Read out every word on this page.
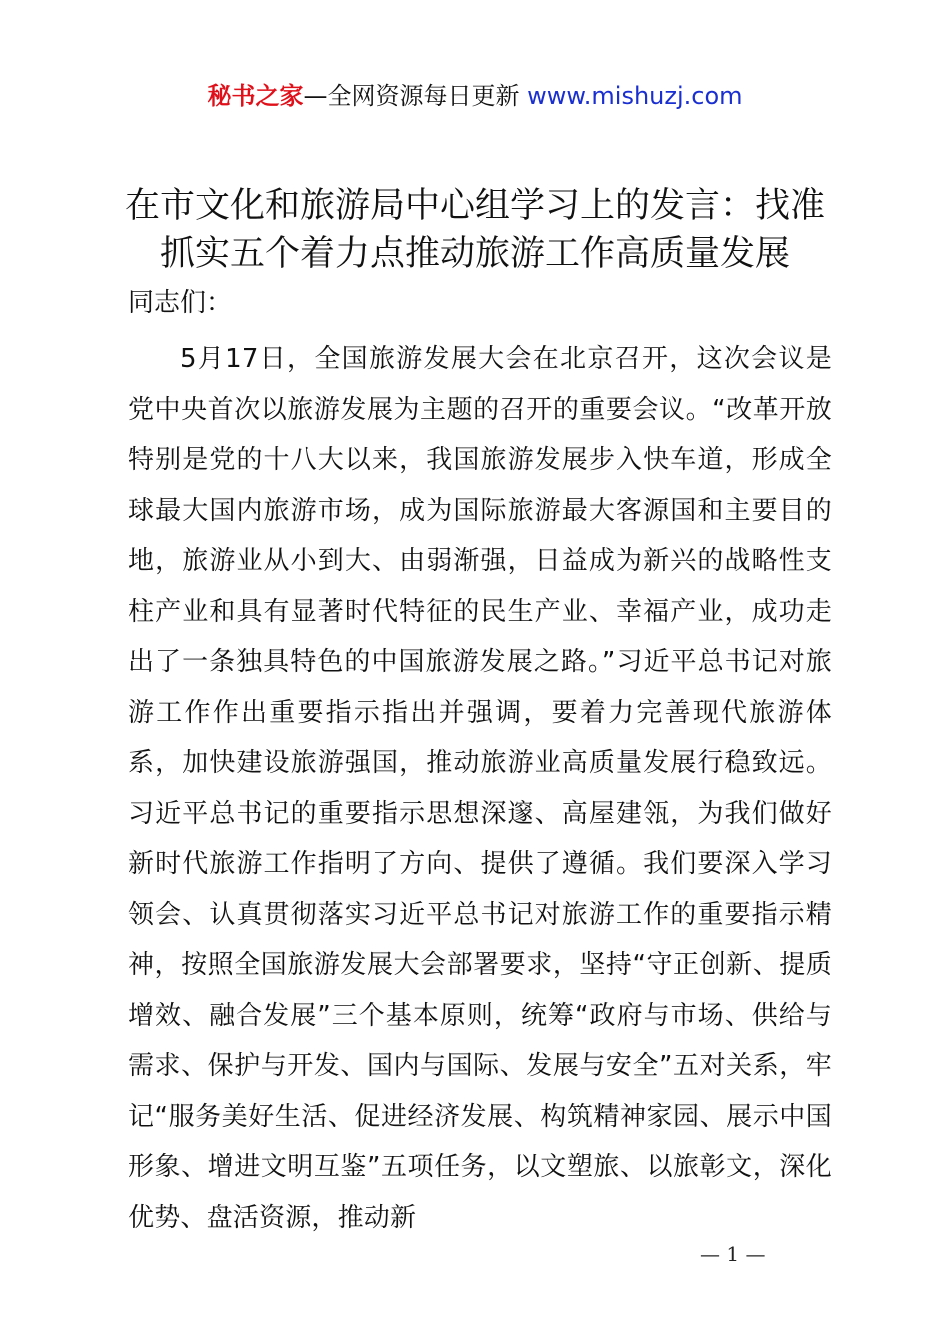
秘书之家—全网资源每日更新 www.mishuzj.com
在市文化和旅游局中心组学习上的发言：找准抓实五个着力点推动旅游工作高质量发展
同志们：
5月17日，全国旅游发展大会在北京召开，这次会议是党中央首次以旅游发展为主题的召开的重要会议。“改革开放特别是党的十八大以来，我国旅游发展步入快车道，形成全球最大国内旅游市场，成为国际旅游最大客源国和主要目的地，旅游业从小到大、由弱渐强，日益成为新兴的战略性支柱产业和具有显著时代特征的民生产业、幸福产业，成功走出了一条独具特色的中国旅游发展之路。”习近平总书记对旅游工作作出重要指示指出并强调，要着力完善现代旅游体系，加快建设旅游强国，推动旅游业高质量发展行稳致远。习近平总书记的重要指示思想深邃、高屋建瓴，为我们做好新时代旅游工作指明了方向、提供了遵循。我们要深入学习领会、认真贯彻落实习近平总书记对旅游工作的重要指示精神，按照全国旅游发展大会部署要求，坚持“守正创新、提质增效、融合发展”三个基本原则，统筹“政府与市场、供给与需求、保护与开发、国内与国际、发展与安全”五对关系，牢记“服务美好生活、促进经济发展、构筑精神家园、展示中国形象、增进文明互鉴”五项任务，以文塑旅、以旅彰文，深化优势、盘活资源，推动新
— 1 —
